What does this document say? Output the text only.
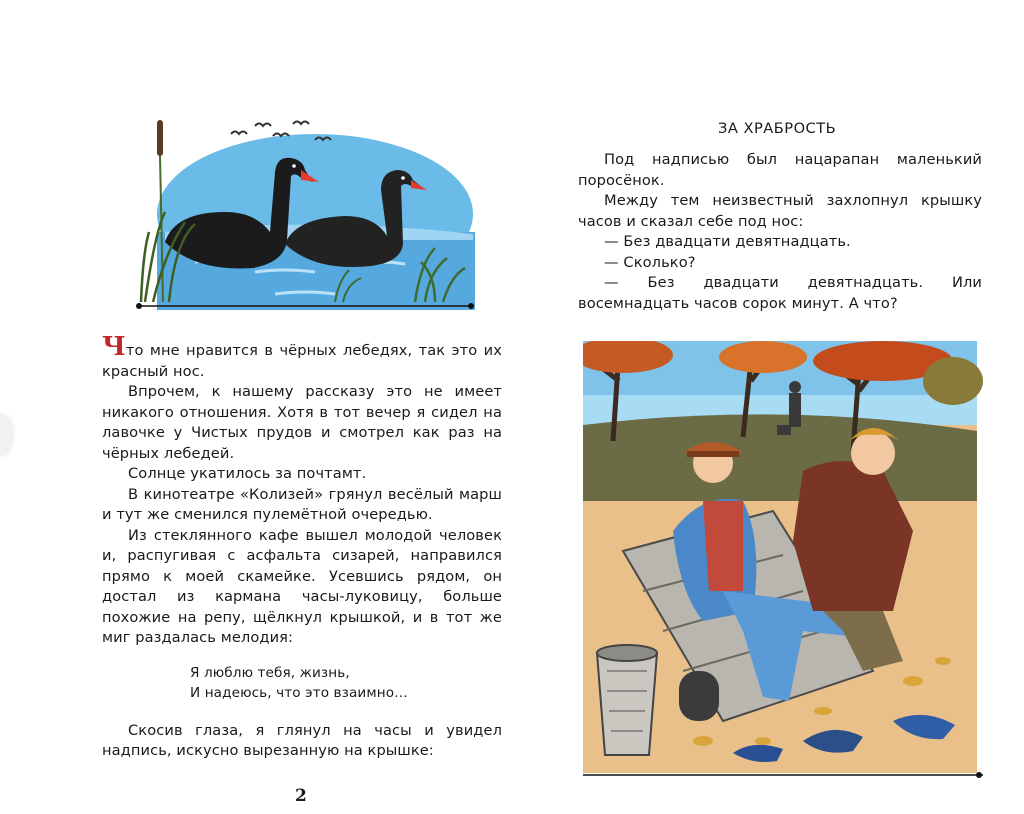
Что мне нравится в чёрных лебедях, так это их красный нос.

Впрочем, к нашему рассказу это не имеет никакого отношения. Хотя в тот вечер я сидел на лавочке у Чистых прудов и смотрел как раз на чёрных лебедей.

Солнце укатилось за почтамт.

В кинотеатре «Колизей» грянул весёлый марш и тут же сменился пулемётной очередью.

Из стеклянного кафе вышел молодой человек и, распугивая с асфальта сизарей, направился прямо к моей скамейке. Усевшись рядом, он достал из кармана часы-луковицу, больше похожие на репу, щёлкнул крышкой, и в тот же миг раздалась мелодия:

Я люблю тебя, жизнь,
И надеюсь, что это взаимно…

Скосив глаза, я глянул на часы и увидел надпись, искусно вырезанную на крышке:

2
ЗА ХРАБРОСТЬ

Под надписью был нацарапан маленький поросёнок.

Между тем неизвестный захлопнул крышку часов и сказал себе под нос:

— Без двадцати девятнадцать.

— Сколько?

— Без двадцати девятнадцать. Или восемнадцать часов сорок минут. А что?
